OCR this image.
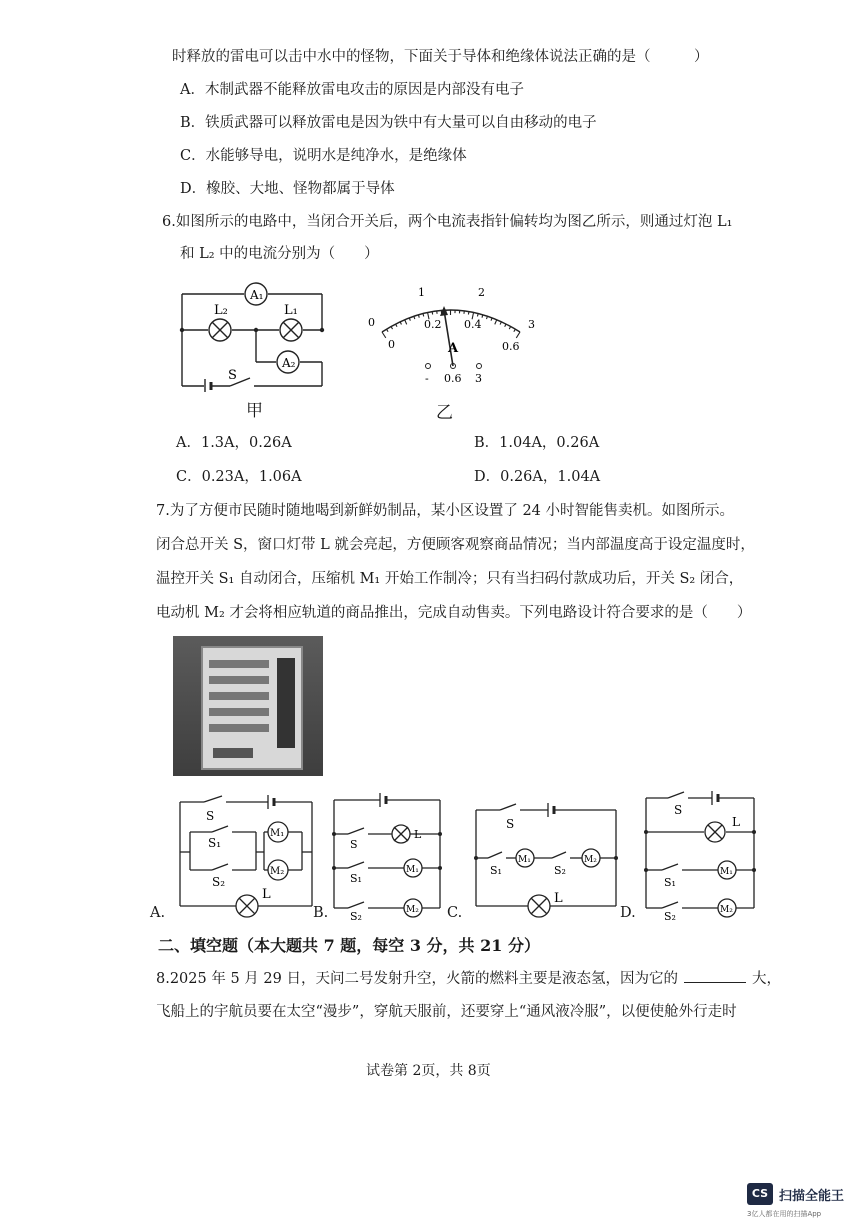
时释放的雷电可以击中水中的怪物，下面关于导体和绝缘体说法正确的是（　　　）
A．木制武器不能释放雷电攻击的原因是内部没有电子
B．铁质武器可以释放雷电是因为铁中有大量可以自由移动的电子
C．水能够导电，说明水是纯净水，是绝缘体
D．橡胶、大地、怪物都属于导体
6.如图所示的电路中，当闭合开关后，两个电流表指针偏转均为图乙所示，则通过灯泡 L₁
和 L₂ 中的电流分别为（　　）
A₁
A₂
L₂	L₁
S
甲
0
1	2
3
0
0.2 0.4
0.6
A
- 0.6 3
乙
A．1.3A，0.26A	B．1.04A，0.26A
C．0.23A，1.06A	D．0.26A，1.04A
7.为了方便市民随时随地喝到新鲜奶制品，某小区设置了 24 小时智能售卖机。如图所示。
闭合总开关 S，窗口灯带 L 就会亮起，方便顾客观察商品情况；当内部温度高于设定温度时，
温控开关 S₁ 自动闭合，压缩机 M₁ 开始工作制冷；只有当扫码付款成功后，开关 S₂ 闭合，
电动机 M₂ 才会将相应轨道的商品推出，完成自动售卖。下列电路设计符合要求的是（　　）
S
S₁
S₂
M₁
M₂
L
A.
S
L
S₁
M₁
S₂	M₂
B.
S
S₁
M₁
S₂
M₂
L
C.
S
L
S₁
M₁
S₂	M₂
D.
二、填空题（本大题共 7 题，每空 3 分，共 21 分）
8.2025 年 5 月 29 日，天问二号发射升空，火箭的燃料主要是液态氢，因为它的	大，
飞船上的宇航员要在太空“漫步”，穿航天服前，还要穿上“通风液冷服”，以便使舱外行走时
试卷第 2页，共 8页
CS 扫描全能王
3亿人都在用的扫描App
